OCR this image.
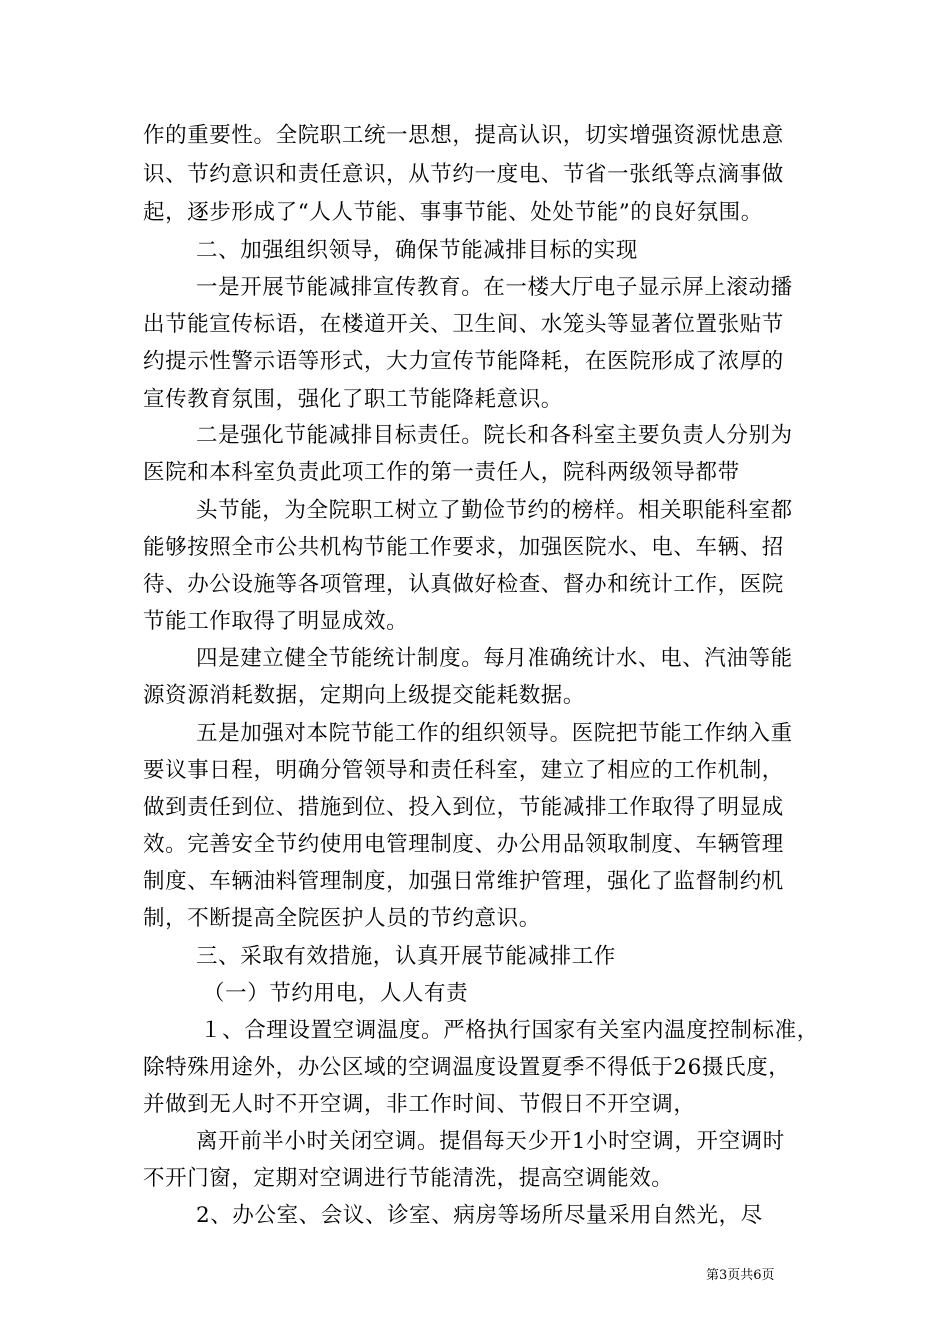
作的重要性。全院职工统一思想，提高认识，切实增强资源忧患意
识、节约意识和责任意识，从节约一度电、节省一张纸等点滴事做
起，逐步形成了“人人节能、事事节能、处处节能”的良好氛围。
二、加强组织领导，确保节能减排目标的实现
一是开展节能减排宣传教育。在一楼大厅电子显示屏上滚动播
出节能宣传标语，在楼道开关、卫生间、水笼头等显著位置张贴节
约提示性警示语等形式，大力宣传节能降耗，在医院形成了浓厚的
宣传教育氛围，强化了职工节能降耗意识。
二是强化节能减排目标责任。院长和各科室主要负责人分别为
医院和本科室负责此项工作的第一责任人，院科两级领导都带
头节能，为全院职工树立了勤俭节约的榜样。相关职能科室都
能够按照全市公共机构节能工作要求，加强医院水、电、车辆、招
待、办公设施等各项管理，认真做好检查、督办和统计工作，医院
节能工作取得了明显成效。
四是建立健全节能统计制度。每月准确统计水、电、汽油等能
源资源消耗数据，定期向上级提交能耗数据。
五是加强对本院节能工作的组织领导。医院把节能工作纳入重
要议事日程，明确分管领导和责任科室，建立了相应的工作机制，
做到责任到位、措施到位、投入到位，节能减排工作取得了明显成
效。完善安全节约使用电管理制度、办公用品领取制度、车辆管理
制度、车辆油料管理制度，加强日常维护管理，强化了监督制约机
制，不断提高全院医护人员的节约意识。
三、采取有效措施，认真开展节能减排工作
（一）节约用电，人人有责
１、合理设置空调温度。严格执行国家有关室内温度控制标准，
除特殊用途外，办公区域的空调温度设置夏季不得低于26摄氏度，
并做到无人时不开空调，非工作时间、节假日不开空调，
离开前半小时关闭空调。提倡每天少开1小时空调，开空调时
不开门窗，定期对空调进行节能清洗，提高空调能效。
2、办公室、会议、诊室、病房等场所尽量采用自然光，尽
第3页共6页
